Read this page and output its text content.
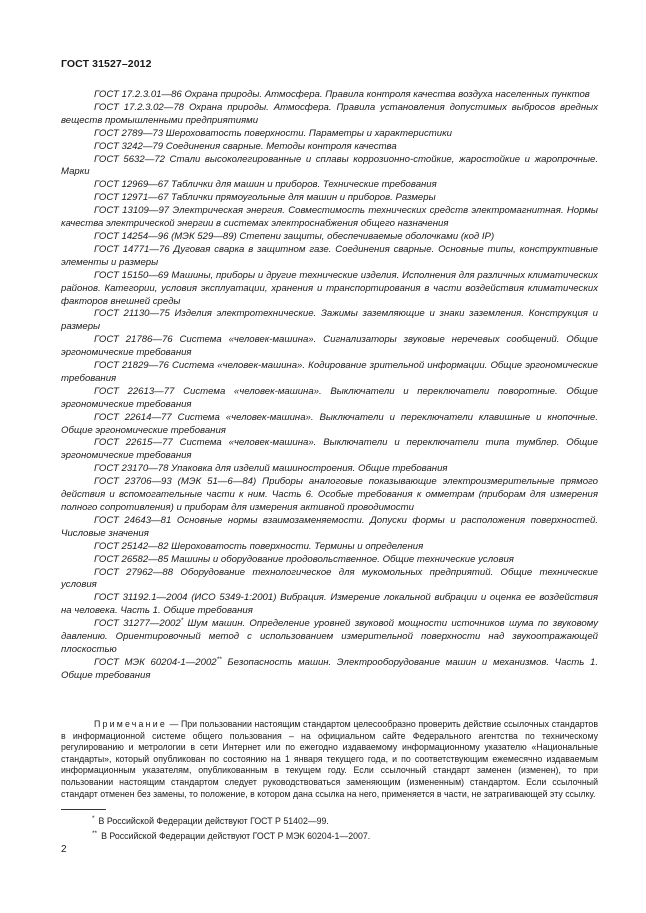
ГОСТ 31527–2012

ГОСТ 17.2.3.01—86 Охрана природы. Атмосфера. Правила контроля качества воздуха населенных пунктов

ГОСТ 17.2.3.02—78 Охрана природы. Атмосфера. Правила установления допустимых выбросов вредных веществ промышленными предприятиями

ГОСТ 2789—73 Шероховатость поверхности. Параметры и характеристики

ГОСТ 3242—79 Соединения сварные. Методы контроля качества

ГОСТ 5632—72 Стали высоколегированные и сплавы коррозионно-стойкие, жаростойкие и жаропрочные. Марки

ГОСТ 12969—67 Таблички для машин и приборов. Технические требования

ГОСТ 12971—67 Таблички прямоугольные для машин и приборов. Размеры

ГОСТ 13109—97 Электрическая энергия. Совместимость технических средств электромагнитная. Нормы качества электрической энергии в системах электроснабжения общего назначения

ГОСТ 14254—96 (МЭК 529—89) Степени защиты, обеспечиваемые оболочками (код IP)

ГОСТ 14771—76 Дуговая сварка в защитном газе. Соединения сварные. Основные типы, конструктивные элементы и размеры

ГОСТ 15150—69 Машины, приборы и другие технические изделия. Исполнения для различных климатических районов. Категории, условия эксплуатации, хранения и транспортирования в части воздействия климатических факторов внешней среды

ГОСТ 21130—75 Изделия электротехнические. Зажимы заземляющие и знаки заземления. Конструкция и размеры

ГОСТ 21786—76 Система «человек-машина». Сигнализаторы звуковые неречевых сообщений. Общие эргономические требования

ГОСТ 21829—76 Система «человек-машина». Кодирование зрительной информации. Общие эргономические требования

ГОСТ 22613—77 Система «человек-машина». Выключатели и переключатели поворотные. Общие эргономические требования

ГОСТ 22614—77 Система «человек-машина». Выключатели и переключатели клавишные и кнопочные. Общие эргономические требования

ГОСТ 22615—77 Система «человек-машина». Выключатели и переключатели типа тумблер. Общие эргономические требования

ГОСТ 23170—78 Упаковка для изделий машиностроения. Общие требования

ГОСТ 23706—93 (МЭК 51—6—84) Приборы аналоговые показывающие электроизмерительные прямого действия и вспомогательные части к ним. Часть 6. Особые требования к омметрам (приборам для измерения полного сопротивления) и приборам для измерения активной проводимости

ГОСТ 24643—81 Основные нормы взаимозаменяемости. Допуски формы и расположения поверхностей. Числовые значения

ГОСТ 25142—82 Шероховатость поверхности. Термины и определения

ГОСТ 26582—85 Машины и оборудование продовольственное. Общие технические условия

ГОСТ 27962—88 Оборудование технологическое для мукомольных предприятий. Общие технические условия

ГОСТ 31192.1—2004 (ИСО 5349-1:2001) Вибрация. Измерение локальной вибрации и оценка ее воздействия на человека. Часть 1. Общие требования

ГОСТ 31277—2002* Шум машин. Определение уровней звуковой мощности источников шума по звуковому давлению. Ориентировочный метод с использованием измерительной поверхности над звукоотражающей плоскостью

ГОСТ МЭК 60204-1—2002** Безопасность машин. Электрооборудование машин и механизмов. Часть 1. Общие требования

Примечание — При пользовании настоящим стандартом целесообразно проверить действие ссылочных стандартов в информационной системе общего пользования – на официальном сайте Федерального агентства по техническому регулированию и метрологии в сети Интернет или по ежегодно издаваемому информационному указателю «Национальные стандарты», который опубликован по состоянию на 1 января текущего года, и по соответствующим ежемесячно издаваемым информационным указателям, опубликованным в текущем году. Если ссылочный стандарт заменен (изменен), то при пользовании настоящим стандартом следует руководствоваться заменяющим (измененным) стандартом. Если ссылочный стандарт отменен без замены, то положение, в котором дана ссылка на него, применяется в части, не затрагивающей эту ссылку.

* В Российской Федерации действуют ГОСТ Р 51402—99.

** В Российской Федерации действуют ГОСТ Р МЭК 60204-1—2007.

2
